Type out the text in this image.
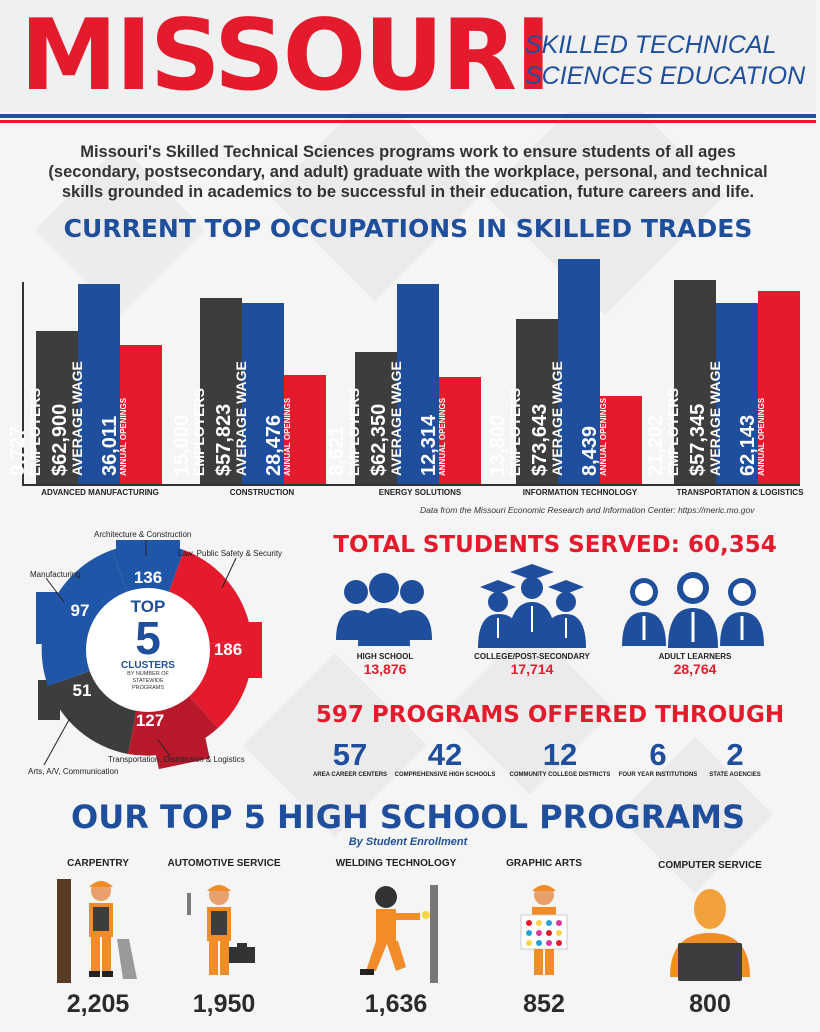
MISSOURI
SKILLED TECHNICAL
SCIENCES EDUCATION
Missouri's Skilled Technical Sciences programs work to ensure students of all ages (secondary, postsecondary, and adult) graduate with the workplace, personal, and technical skills grounded in academics to be successful in their education, future careers and life.
CURRENT TOP OCCUPATIONS IN SKILLED TRADES
9,727
EMPLOYERS $62,900
AVERAGE WAGE 36,011
ANNUAL OPENINGS
ADVANCED MANUFACTURING
15,000
EMPLOYERS $57,823
AVERAGE WAGE 28,476
ANNUAL OPENINGS
CONSTRUCTION
8,621
EMPLOYERS $62,350
AVERAGE WAGE 12,314
ANNUAL OPENINGS
ENERGY SOLUTIONS
13,800
EMPLOYERS $73,643
AVERAGE WAGE 8,439
ANNUAL OPENINGS
INFORMATION TECHNOLOGY
21,202
EMPLOYERS $57,345
AVERAGE WAGE 62,143
ANNUAL OPENINGS
TRANSPORTATION & LOGISTICS
Data from the Missouri Economic Research and Information Center: https://meric.mo.gov
136
186
127
51
97	TOP
5
CLUSTERS
BY NUMBER OF STATEWIDE PROGRAMS
Architecture & Construction
Law, Public Safety & Security
Transportation, Distribution & Logistics
Arts, A/V, Communication
Manufacturing
TOTAL STUDENTS SERVED: 60,354
HIGH SCHOOL
13,876
COLLEGE/POST-SECONDARY
17,714
ADULT LEARNERS
28,764
597 PROGRAMS OFFERED THROUGH
57
AREA CAREER CENTERS
42
COMPREHENSIVE HIGH SCHOOLS
12
COMMUNITY COLLEGE DISTRICTS
6
FOUR YEAR INSTITUTIONS
2
STATE AGENCIES
OUR TOP 5 HIGH SCHOOL PROGRAMS
By Student Enrollment
CARPENTRY
2,205
AUTOMOTIVE SERVICE
1,950
WELDING TECHNOLOGY
1,636
GRAPHIC ARTS
852
COMPUTER SERVICE
800
